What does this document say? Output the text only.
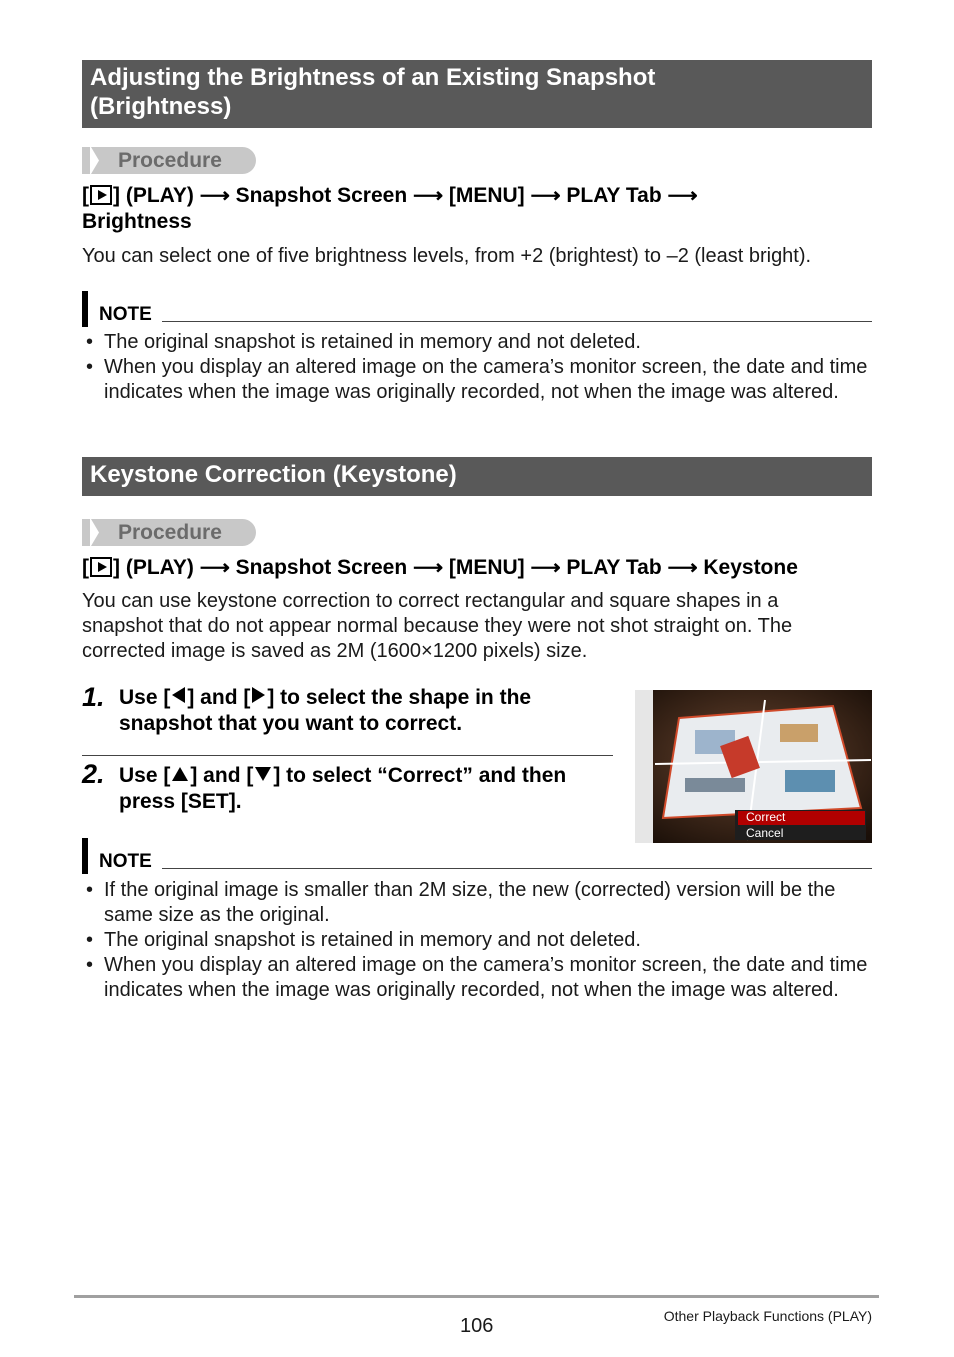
Adjusting the Brightness of an Existing Snapshot
(Brightness)
Procedure
[ ] (PLAY) ⟶ Snapshot Screen ⟶ [MENU] ⟶ PLAY Tab ⟶ Brightness
You can select one of five brightness levels, from +2 (brightest) to –2 (least bright).
NOTE
• The original snapshot is retained in memory and not deleted.
• When you display an altered image on the camera’s monitor screen, the date and time indicates when the image was originally recorded, not when the image was altered.
Keystone Correction (Keystone)
Procedure
[ ] (PLAY) ⟶ Snapshot Screen ⟶ [MENU] ⟶ PLAY Tab ⟶ Keystone
You can use keystone correction to correct rectangular and square shapes in a snapshot that do not appear normal because they were not shot straight on. The corrected image is saved as 2M (1600×1200 pixels) size.
1. Use [ ] and [ ] to select the shape in the snapshot that you want to correct.
2. Use [ ] and [ ] to select “Correct” and then press [SET].
Correct
Cancel
NOTE
• If the original image is smaller than 2M size, the new (corrected) version will be the same size as the original.
• The original snapshot is retained in memory and not deleted.
• When you display an altered image on the camera’s monitor screen, the date and time indicates when the image was originally recorded, not when the image was altered.
106	Other Playback Functions (PLAY)
